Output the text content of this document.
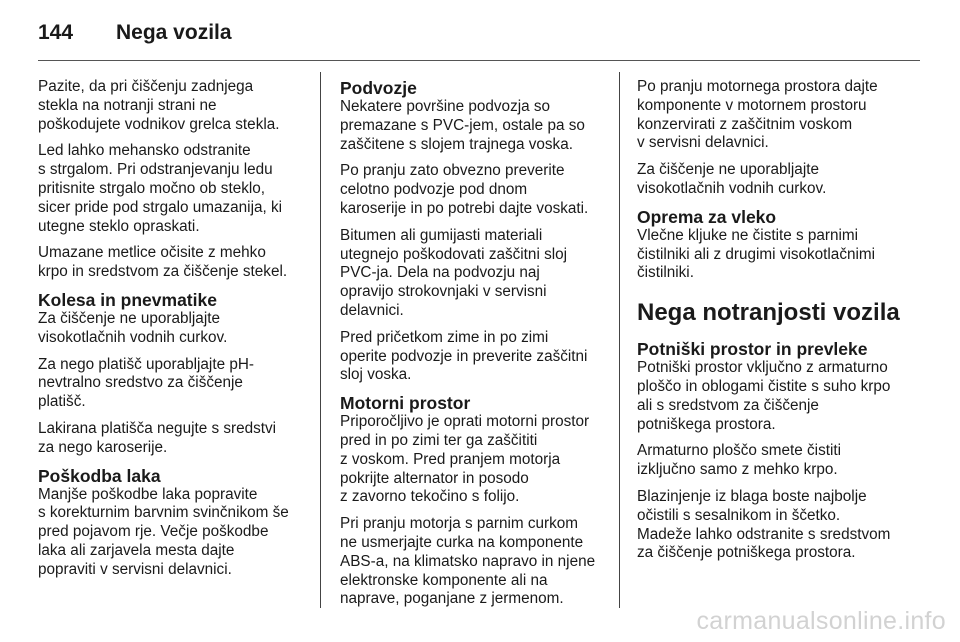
144 Nega vozila

Pazite, da pri čiščenju zadnjega
stekla na notranji strani ne
poškodujete vodnikov grelca stekla.

Led lahko mehansko odstranite
s strgalom. Pri odstranjevanju ledu
pritisnite strgalo močno ob steklo,
sicer pride pod strgalo umazanija, ki
utegne steklo opraskati.

Umazane metlice očisite z mehko
krpo in sredstvom za čiščenje stekel.

Kolesa in pnevmatike

Za čiščenje ne uporabljajte
visokotlačnih vodnih curkov.

Za nego platišč uporabljajte pH-
nevtralno sredstvo za čiščenje
platišč.

Lakirana platišča negujte s sredstvi
za nego karoserije.

Poškodba laka

Manjše poškodbe laka popravite
s korekturnim barvnim svinčnikom še
pred pojavom rje. Večje poškodbe
laka ali zarjavela mesta dajte
popraviti v servisni delavnici.

Podvozje

Nekatere površine podvozja so
premazane s PVC-jem, ostale pa so
zaščitene s slojem trajnega voska.

Po pranju zato obvezno preverite
celotno podvozje pod dnom
karoserije in po potrebi dajte voskati.

Bitumen ali gumijasti materiali
utegnejo poškodovati zaščitni sloj
PVC-ja. Dela na podvozju naj
opravijo strokovnjaki v servisni
delavnici.

Pred pričetkom zime in po zimi
operite podvozje in preverite zaščitni
sloj voska.

Motorni prostor

Priporočljivo je oprati motorni prostor
pred in po zimi ter ga zaščititi
z voskom. Pred pranjem motorja
pokrijte alternator in posodo
z zavorno tekočino s folijo.

Pri pranju motorja s parnim curkom
ne usmerjajte curka na komponente
ABS-a, na klimatsko napravo in njene
elektronske komponente ali na
naprave, poganjane z jermenom.

Po pranju motornega prostora dajte
komponente v motornem prostoru
konzervirati z zaščitnim voskom
v servisni delavnici.

Za čiščenje ne uporabljajte
visokotlačnih vodnih curkov.

Oprema za vleko

Vlečne kljuke ne čistite s parnimi
čistilniki ali z drugimi visokotlačnimi
čistilniki.

Nega notranjosti vozila
Potniški prostor in prevleke

Potniški prostor vključno z armaturno
ploščo in oblogami čistite s suho krpo
ali s sredstvom za čiščenje
potniškega prostora.

Armaturno ploščo smete čistiti
izključno samo z mehko krpo.

Blazinjenje iz blaga boste najbolje
očistili s sesalnikom in ščetko.
Madeže lahko odstranite s sredstvom
za čiščenje potniškega prostora.

carmanualsonline.info
